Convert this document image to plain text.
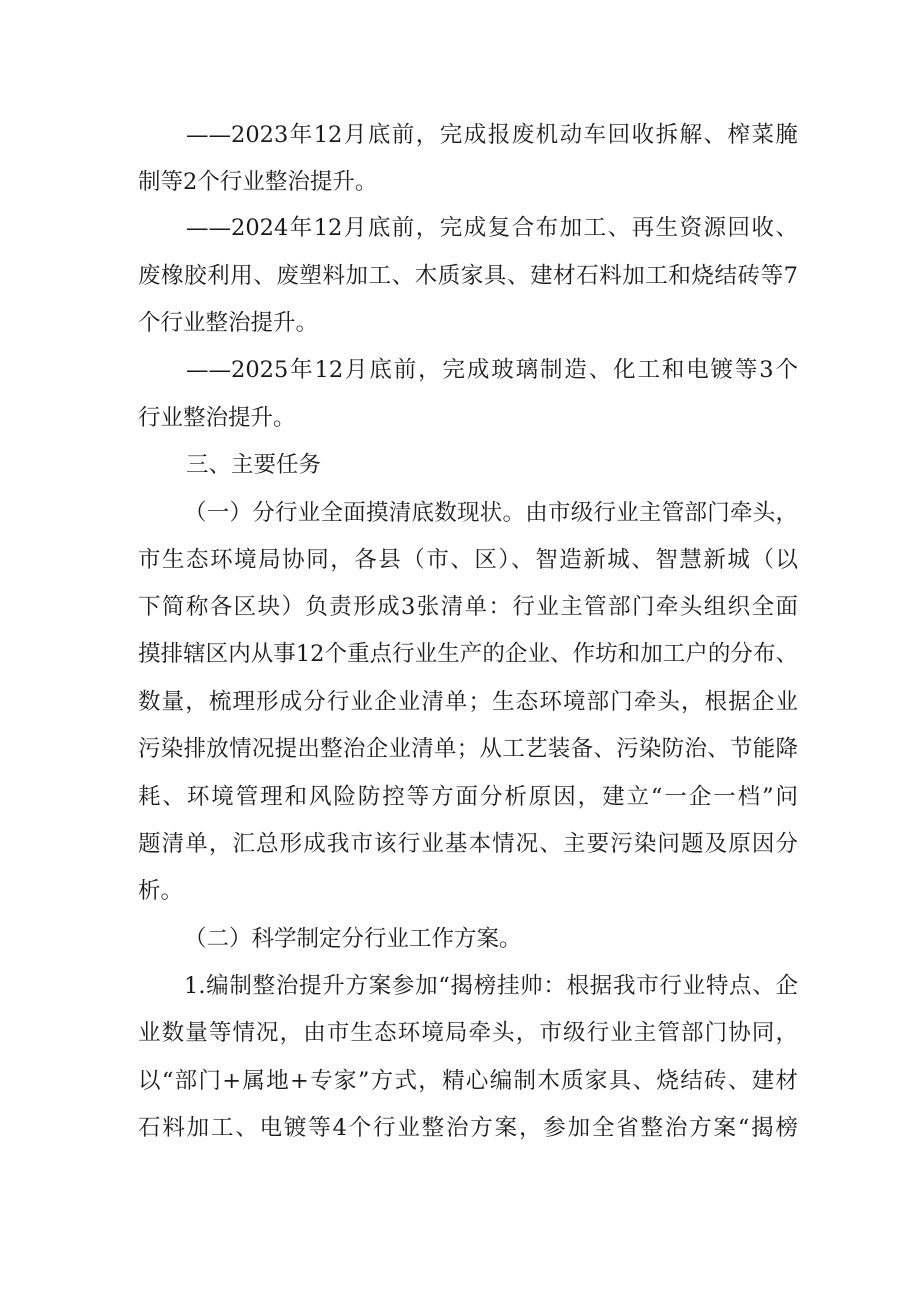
——2023年12月底前，完成报废机动车回收拆解、榨菜腌
制等2个行业整治提升。
——2024年12月底前，完成复合布加工、再生资源回收、
废橡胶利用、废塑料加工、木质家具、建材石料加工和烧结砖等7
个行业整治提升。
——2025年12月底前，完成玻璃制造、化工和电镀等3个
行业整治提升。
三、主要任务
（一）分行业全面摸清底数现状。由市级行业主管部门牵头，
市生态环境局协同，各县（市、区）、智造新城、智慧新城（以
下简称各区块）负责形成3张清单：行业主管部门牵头组织全面
摸排辖区内从事12个重点行业生产的企业、作坊和加工户的分布、
数量，梳理形成分行业企业清单；生态环境部门牵头，根据企业
污染排放情况提出整治企业清单；从工艺装备、污染防治、节能降
耗、环境管理和风险防控等方面分析原因，建立“一企一档”问
题清单，汇总形成我市该行业基本情况、主要污染问题及原因分
析。
（二）科学制定分行业工作方案。
1.编制整治提升方案参加“揭榜挂帅：根据我市行业特点、企
业数量等情况，由市生态环境局牵头，市级行业主管部门协同，
以“部门+属地+专家”方式，精心编制木质家具、烧结砖、建材
石料加工、电镀等4个行业整治方案，参加全省整治方案“揭榜
